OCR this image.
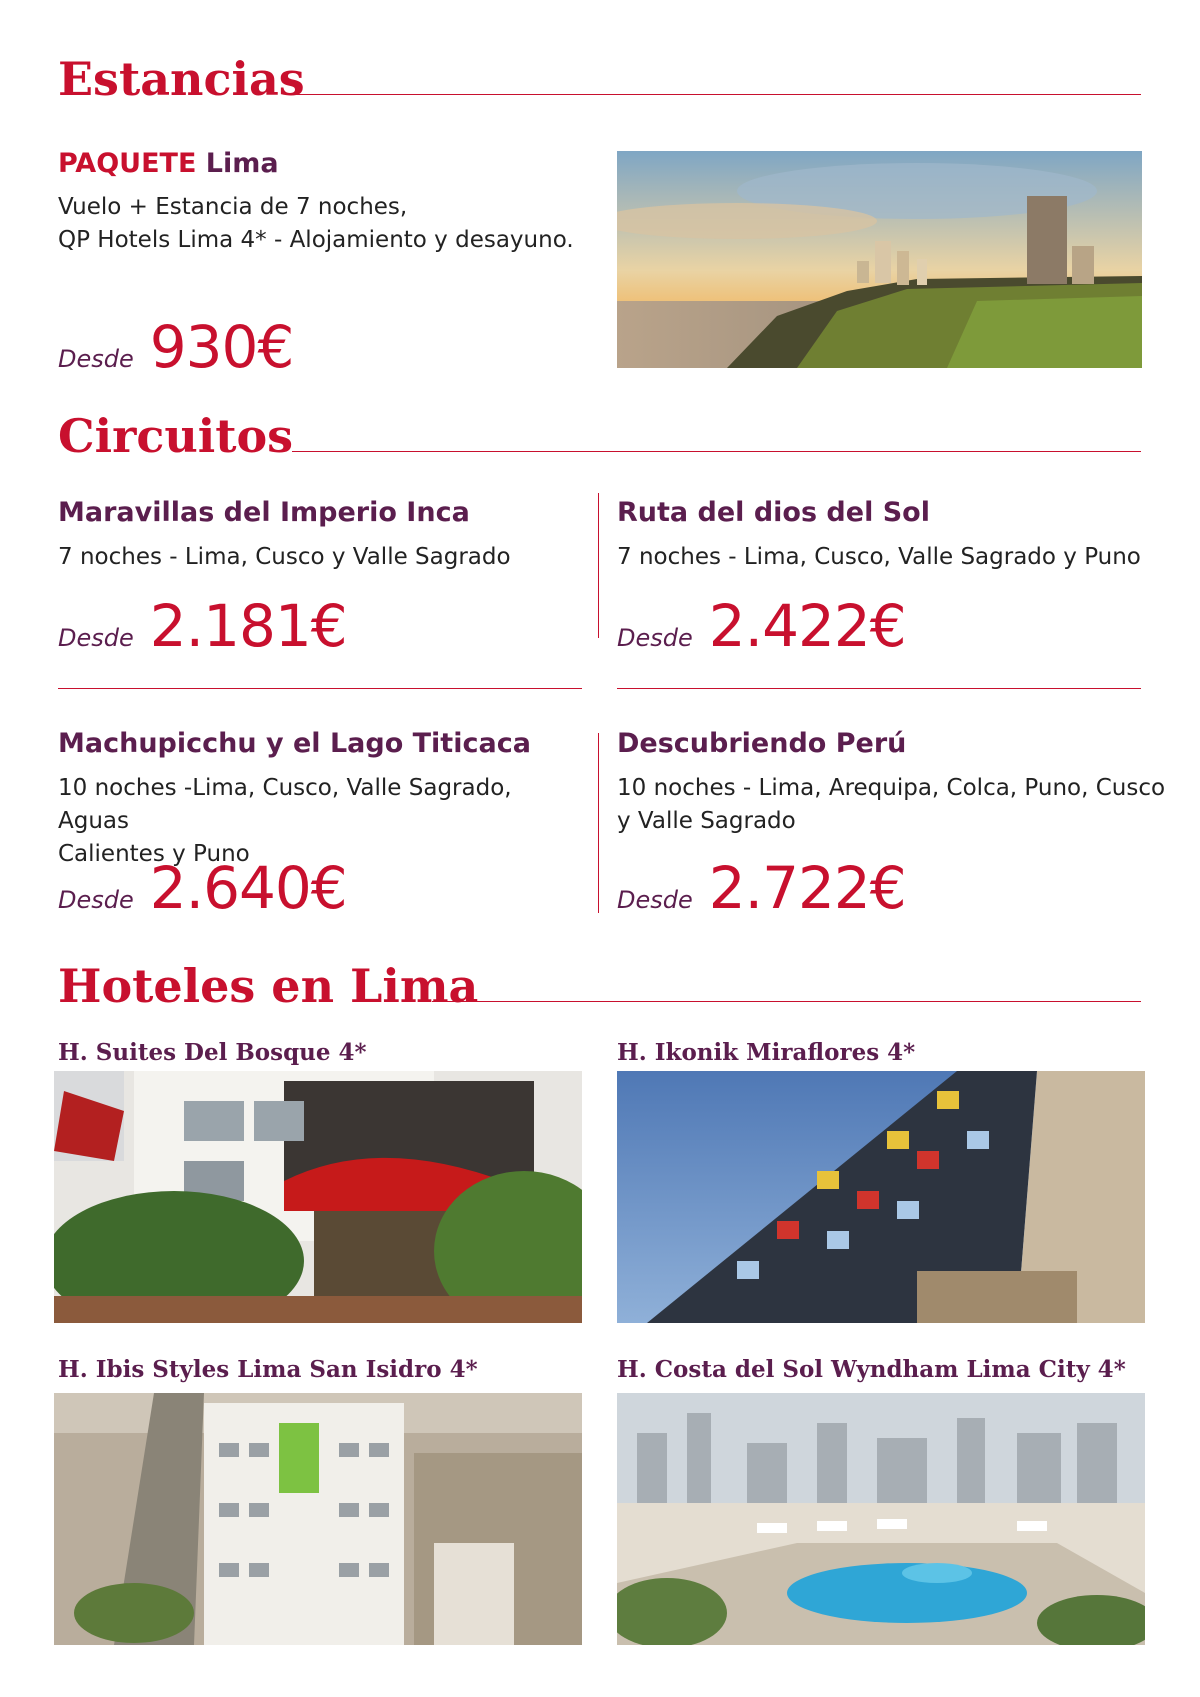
Estancias
PAQUETE Lima
Vuelo + Estancia de 7 noches,
QP Hotels Lima 4* - Alojamiento y desayuno.
Desde 930€
Circuitos
Maravillas del Imperio Inca
7 noches - Lima, Cusco y Valle Sagrado
Desde 2.181€
Ruta del dios del Sol
7 noches - Lima, Cusco, Valle Sagrado y Puno
Desde 2.422€
Machupicchu y el Lago Titicaca
10 noches -Lima, Cusco, Valle Sagrado, Aguas
Calientes y Puno
Desde 2.640€
Descubriendo Perú
10 noches - Lima, Arequipa, Colca, Puno, Cusco
y Valle Sagrado
Desde 2.722€
Hoteles en Lima
H. Suites Del Bosque 4*	H. Ikonik Miraflores 4*
H. Ibis Styles Lima San Isidro 4*	H. Costa del Sol Wyndham Lima City 4*
